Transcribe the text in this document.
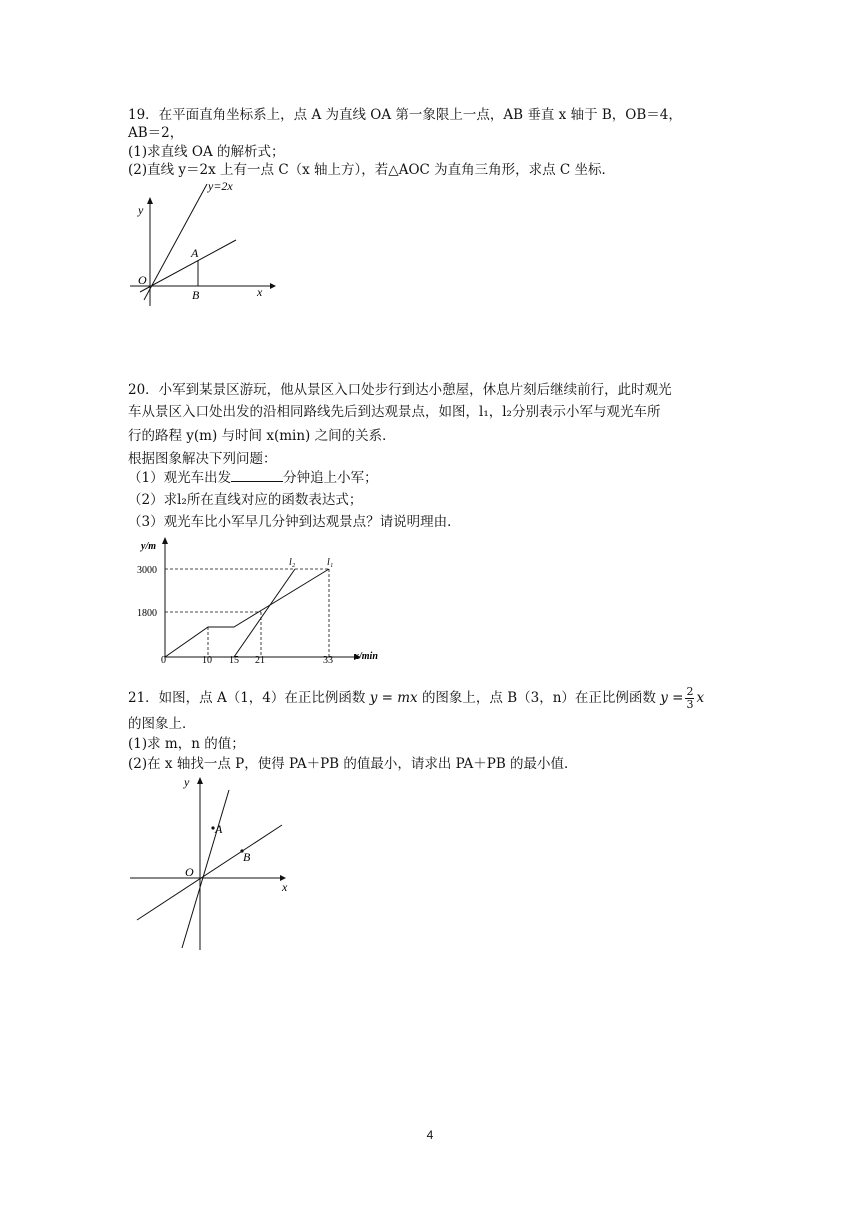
19．在平面直角坐标系上，点 A 为直线 OA 第一象限上一点，AB 垂直 x 轴于 B，OB＝4，
AB＝2，
(1)求直线 OA 的解析式；
(2)直线 y＝2x 上有一点 C（x 轴上方），若△AOC 为直角三角形，求点 C 坐标．
y=2x
y
x
O
A
B
20．小军到某景区游玩，他从景区入口处步行到达小憩屋，休息片刻后继续前行，此时观光
车从景区入口处出发的沿相同路线先后到达观景点，如图，l₁，l₂分别表示小军与观光车所
行的路程 y(m) 与时间 x(min) 之间的关系．
根据图象解决下列问题：
（1）观光车出发	分钟追上小军；
（2）求l₂所在直线对应的函数表达式；
（3）观光车比小军早几分钟到达观景点？请说明理由．
y/m
x/min
3000
1800
0	10 15 21	33
l₂	l₁
21．如图，点 A（1，4）在正比例函数 y = mx 的图象上，点 B（3，n）在正比例函数 $y = \frac{2}{3}$ x
的图象上．
(1)求 m，n 的值；
(2)在 x 轴找一点 P，使得 PA＋PB 的值最小，请求出 PA＋PB 的最小值．
y
x
O
A
B
4
